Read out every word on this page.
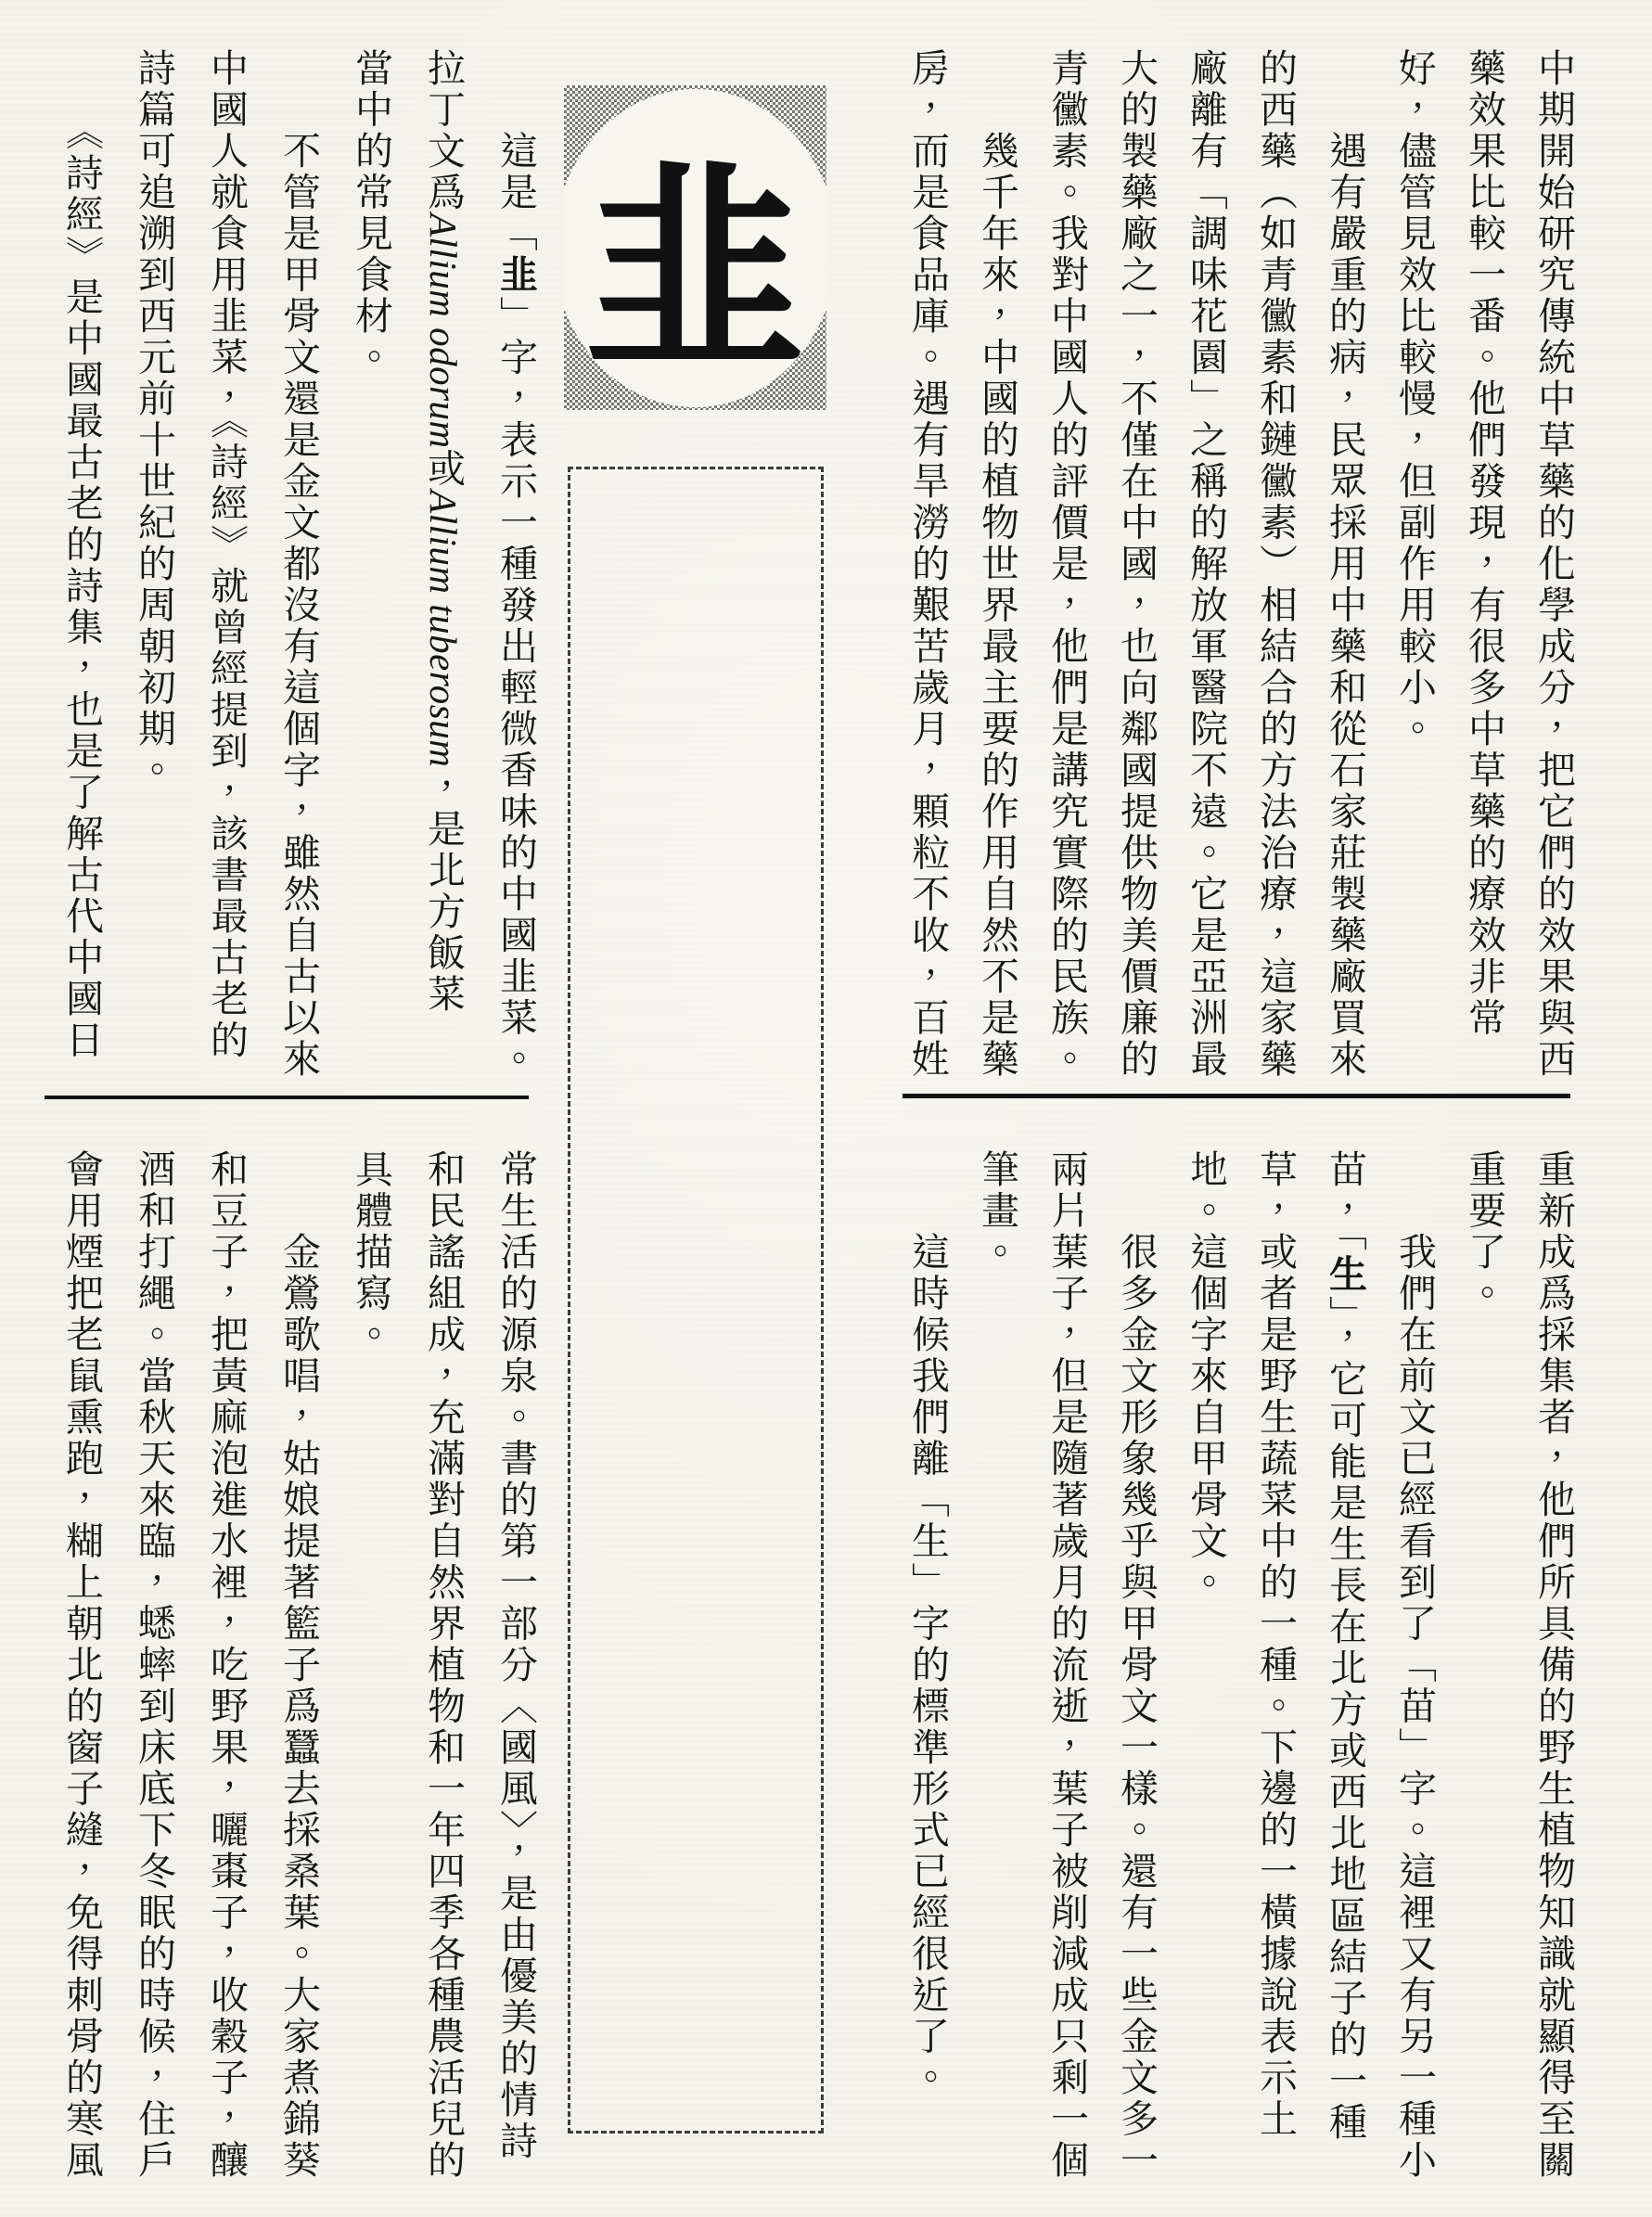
中期開始研究傳統中草藥的化學成分，把它們的效果與西
藥效果比較一番。他們發現，有很多中草藥的療效非常
好，儘管見效比較慢，但副作用較小。
　　遇有嚴重的病，民眾採用中藥和從石家莊製藥廠買來
的西藥（如青黴素和鏈黴素）相結合的方法治療，這家藥
廠離有「調味花園」之稱的解放軍醫院不遠。它是亞洲最
大的製藥廠之一，不僅在中國，也向鄰國提供物美價廉的
青黴素。我對中國人的評價是，他們是講究實際的民族。
　　幾千年來，中國的植物世界最主要的作用自然不是藥
房，而是食品庫。遇有旱澇的艱苦歲月，顆粒不收，百姓
韭
　　這是「韭」字，表示一種發出輕微香味的中國韭菜。
拉丁文爲Allium odorum或Allium tuberosum，是北方飯菜
當中的常見食材。
　　不管是甲骨文還是金文都沒有這個字，雖然自古以來
中國人就食用韭菜，《詩經》就曾經提到，該書最古老的
詩篇可追溯到西元前十世紀的周朝初期。
　　《詩經》是中國最古老的詩集，也是了解古代中國日
重新成爲採集者，他們所具備的野生植物知識就顯得至關
重要了。
　　我們在前文已經看到了「苗」字。這裡又有另一種小
苗，「生」，它可能是生長在北方或西北地區結子的一種
草，或者是野生蔬菜中的一種。下邊的一橫據說表示土
地。這個字來自甲骨文。
　　很多金文形象幾乎與甲骨文一樣。還有一些金文多一
兩片葉子，但是隨著歲月的流逝，葉子被削減成只剩一個
筆畫。
　　這時候我們離「生」字的標準形式已經很近了。
常生活的源泉。書的第一部分〈國風〉，是由優美的情詩
和民謠組成，充滿對自然界植物和一年四季各種農活兒的
具體描寫。
　　金鶯歌唱，姑娘提著籃子爲蠶去採桑葉。大家煮錦葵
和豆子，把黃麻泡進水裡，吃野果，曬棗子，收穀子，釀
酒和打繩。當秋天來臨，蟋蟀到床底下冬眠的時候，住戶
會用煙把老鼠熏跑，糊上朝北的窗子縫，免得刺骨的寒風
